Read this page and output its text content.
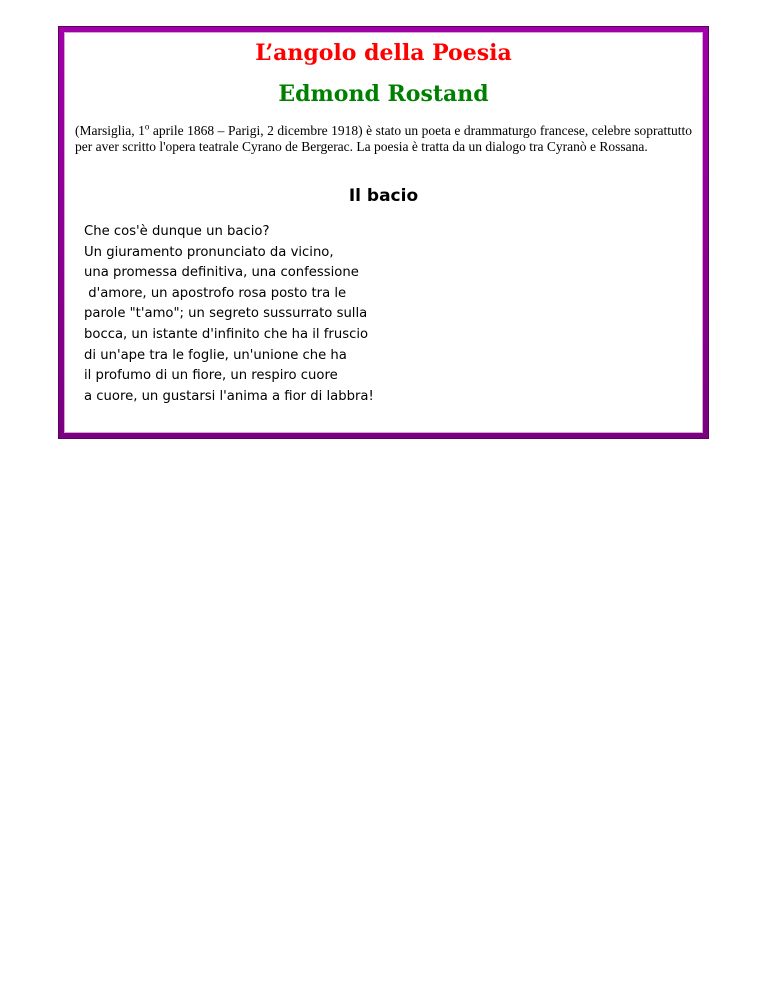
L’angolo della Poesia
Edmond Rostand

(Marsiglia, 1$^o$ aprile 1868 – Parigi, 2 dicembre 1918) è stato un poeta e drammaturgo francese, celebre soprattutto per aver scritto l'opera teatrale Cyrano de Bergerac. La poesia è tratta da un dialogo tra Cyranò e Rossana.

Il bacio
Che cos'è dunque un bacio?
Un giuramento pronunciato da vicino,
una promessa definitiva, una confessione
d'amore, un apostrofo rosa posto tra le
parole "t'amo"; un segreto sussurrato sulla
bocca, un istante d'infinito che ha il fruscio
di un'ape tra le foglie, un'unione che ha
il profumo di un fiore, un respiro cuore
a cuore, un gustarsi l'anima a fior di labbra!
